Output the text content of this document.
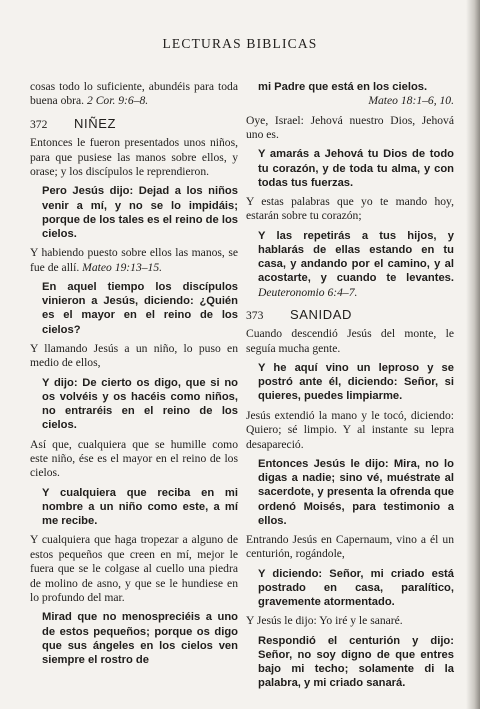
LECTURAS BIBLICAS

cosas todo lo suficiente, abundéis para toda buena obra. 2 Cor. 9:6–8.

372	NIÑEZ

Entonces le fueron presentados unos niños, para que pusiese las manos sobre ellos, y orase; y los discípulos le reprendieron.

Pero Jesús dijo: Dejad a los niños venir a mí, y no se lo impidáis; porque de los tales es el reino de los cielos.

Y habiendo puesto sobre ellos las manos, se fue de allí. Mateo 19:13–15.

En aquel tiempo los discípulos vinieron a Jesús, diciendo: ¿Quién es el mayor en el reino de los cielos?

Y llamando Jesús a un niño, lo puso en medio de ellos,

Y dijo: De cierto os digo, que si no os volvéis y os hacéis como niños, no entraréis en el reino de los cielos.

Así que, cualquiera que se humille como este niño, ése es el mayor en el reino de los cielos.

Y cualquiera que reciba en mi nombre a un niño como este, a mí me recibe.

Y cualquiera que haga tropezar a alguno de estos pequeños que creen en mí, mejor le fuera que se le colgase al cuello una piedra de molino de asno, y que se le hundiese en lo profundo del mar.

Mirad que no menospreciéis a uno de estos pequeños; porque os digo que sus ángeles en los cielos ven siempre el rostro de

mi Padre que está en los cielos.

Mateo 18:1–6, 10.

Oye, Israel: Jehová nuestro Dios, Jehová uno es.

Y amarás a Jehová tu Dios de todo tu corazón, y de toda tu alma, y con todas tus fuerzas.

Y estas palabras que yo te mando hoy, estarán sobre tu corazón;

Y las repetirás a tus hijos, y hablarás de ellas estando en tu casa, y andando por el camino, y al acostarte, y cuando te levantes. Deuteronomio 6:4–7.

373	SANIDAD

Cuando descendió Jesús del monte, le seguía mucha gente.

Y he aquí vino un leproso y se postró ante él, diciendo: Señor, si quieres, puedes limpiarme.

Jesús extendió la mano y le tocó, diciendo: Quiero; sé limpio. Y al instante su lepra desapareció.

Entonces Jesús le dijo: Mira, no lo digas a nadie; sino vé, muéstrate al sacerdote, y presenta la ofrenda que ordenó Moisés, para testimonio a ellos.

Entrando Jesús en Capernaum, vino a él un centurión, rogándole,

Y diciendo: Señor, mi criado está postrado en casa, paralítico, gravemente atormentado.

Y Jesús le dijo: Yo iré y le sanaré.

Respondió el centurión y dijo: Señor, no soy digno de que entres bajo mi techo; solamente di la palabra, y mi criado sanará.
